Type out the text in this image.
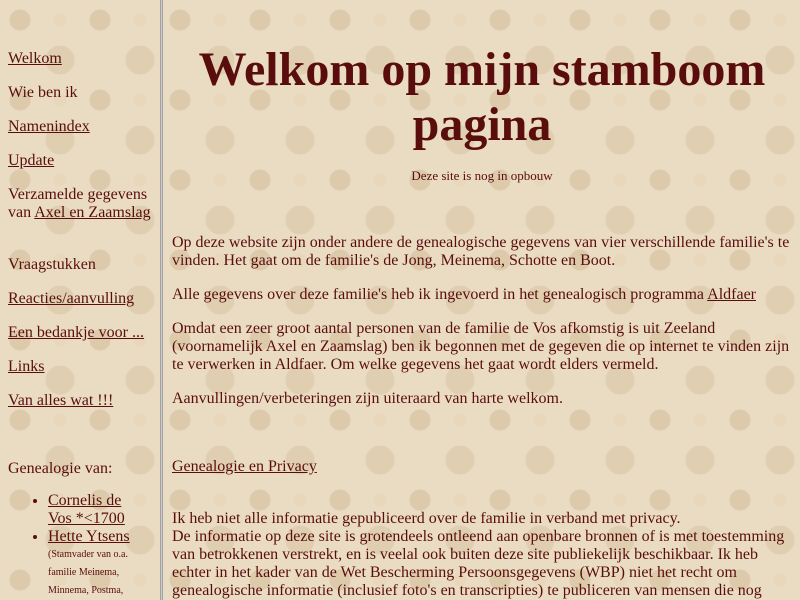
Welkom
Wie ben ik
Namenindex
Update
Verzamelde gegevens van Axel en Zaamslag
Vraagstukken
Reacties/aanvulling
Een bedankje voor ...
Links
Van alles wat !!!
Genealogie van:
• Cornelis de Vos *<1700
• Hette Ytsens
(Stamvader van o.a. familie Meinema, Minnema, Postma,
Welkom op mijn stamboom pagina
Deze site is nog in opbouw

Op deze website zijn onder andere de genealogische gegevens van vier verschillende familie's te vinden. Het gaat om de familie's de Jong, Meinema, Schotte en Boot.

Alle gegevens over deze familie's heb ik ingevoerd in het genealogisch programma Aldfaer

Omdat een zeer groot aantal personen van de familie de Vos afkomstig is uit Zeeland (voornamelijk Axel en Zaamslag) ben ik begonnen met de gegeven die op internet te vinden zijn te verwerken in Aldfaer. Om welke gegevens het gaat wordt elders vermeld.

Aanvullingen/verbeteringen zijn uiteraard van harte welkom.

Genealogie en Privacy

Ik heb niet alle informatie gepubliceerd over de familie in verband met privacy.

De informatie op deze site is grotendeels ontleend aan openbare bronnen of is met toestemming van betrokkenen verstrekt, en is veelal ook buiten deze site publiekelijk beschikbaar. Ik heb echter in het kader van de Wet Bescherming Persoonsgegevens (WBP) niet het recht om genealogische informatie (inclusief foto's en transcripties) te publiceren van mensen die nog
